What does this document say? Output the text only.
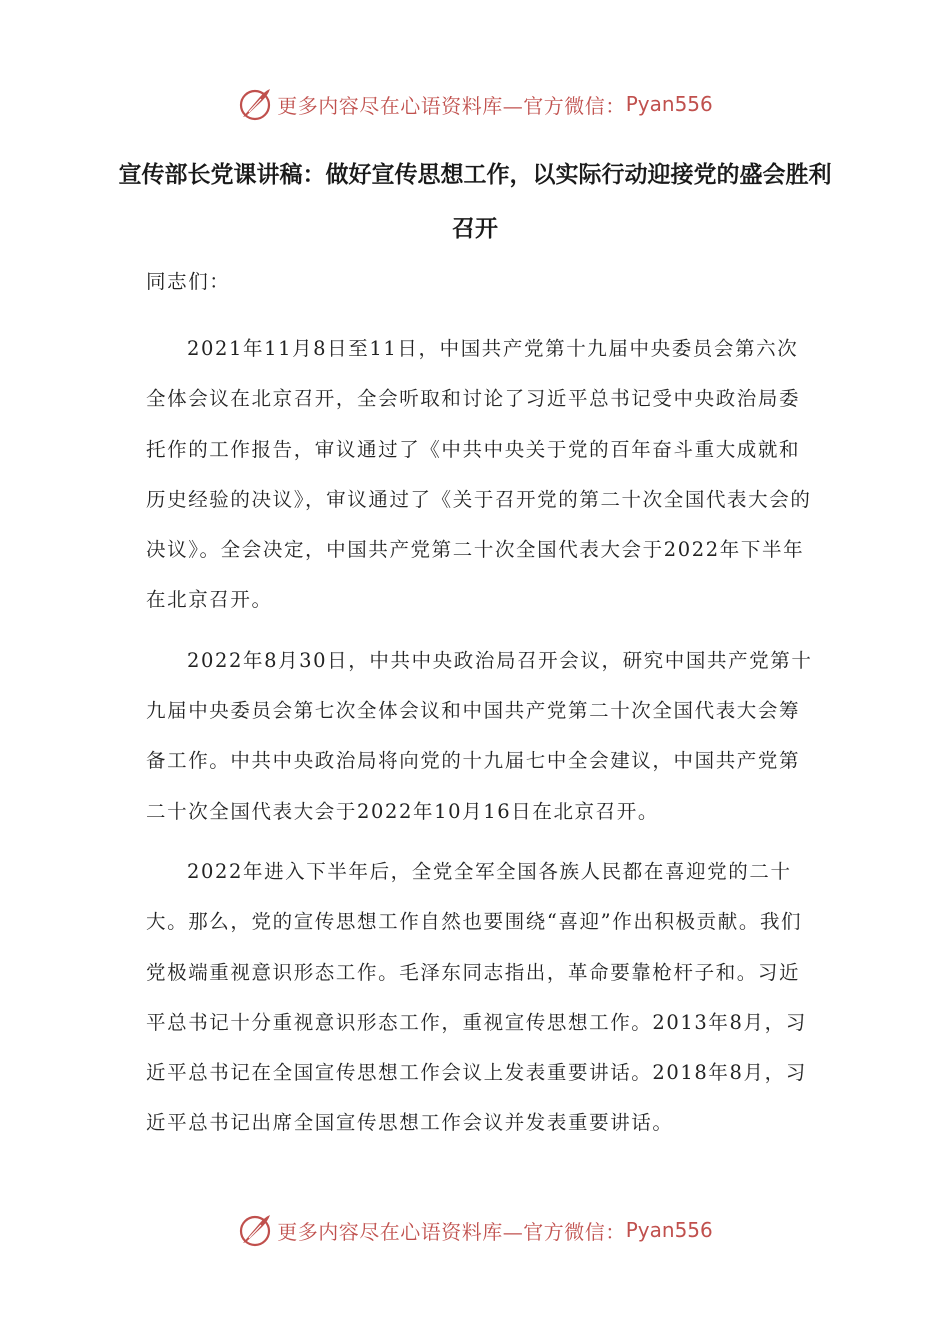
更多内容尽在心语资料库—官方微信： Pyan556
宣传部长党课讲稿：做好宣传思想工作，以实际行动迎接党的盛会胜利召开

同志们：

2021年11月8日至11日，中国共产党第十九届中央委员会第六次全体会议在北京召开，全会听取和讨论了习近平总书记受中央政治局委托作的工作报告，审议通过了《中共中央关于党的百年奋斗重大成就和历史经验的决议》，审议通过了《关于召开党的第二十次全国代表大会的决议》。全会决定，中国共产党第二十次全国代表大会于2022年下半年在北京召开。

2022年8月30日，中共中央政治局召开会议，研究中国共产党第十九届中央委员会第七次全体会议和中国共产党第二十次全国代表大会筹备工作。中共中央政治局将向党的十九届七中全会建议，中国共产党第二十次全国代表大会于2022年10月16日在北京召开。

2022年进入下半年后，全党全军全国各族人民都在喜迎党的二十大。那么，党的宣传思想工作自然也要围绕“喜迎”作出积极贡献。我们党极端重视意识形态工作。毛泽东同志指出，革命要靠枪杆子和。习近平总书记十分重视意识形态工作，重视宣传思想工作。2013年8月，习近平总书记在全国宣传思想工作会议上发表重要讲话。2018年8月，习近平总书记出席全国宣传思想工作会议并发表重要讲话。

更多内容尽在心语资料库—官方微信： Pyan556
